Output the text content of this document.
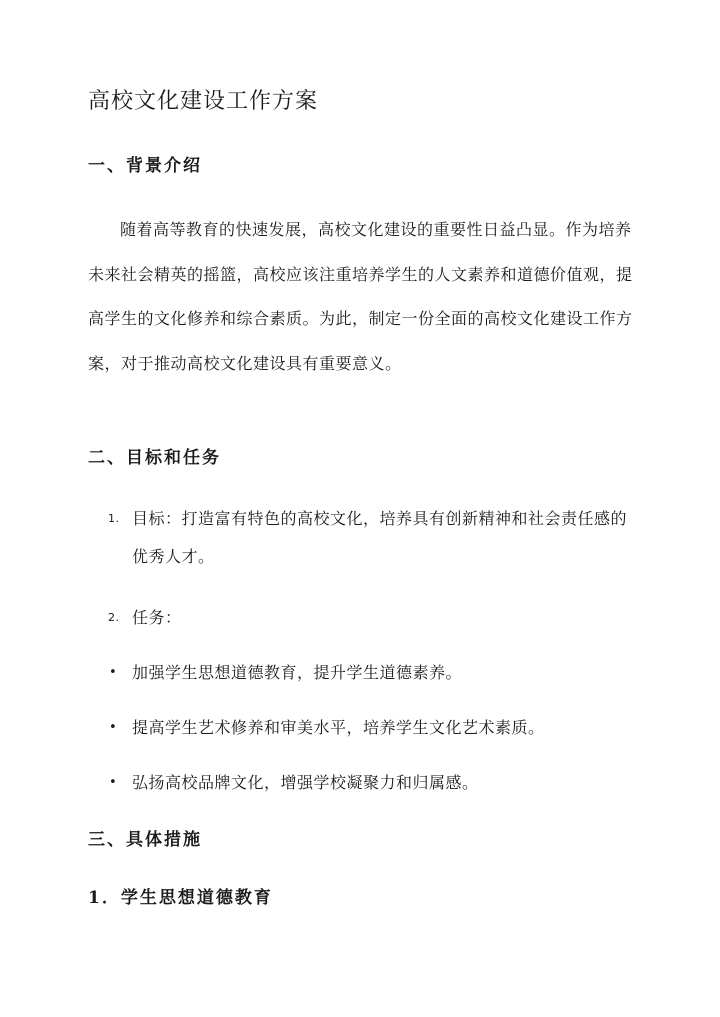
高校文化建设工作方案
一、背景介绍

随着高等教育的快速发展，高校文化建设的重要性日益凸显。作为培养未来社会精英的摇篮，高校应该注重培养学生的人文素养和道德价值观，提高学生的文化修养和综合素质。为此，制定一份全面的高校文化建设工作方案，对于推动高校文化建设具有重要意义。

二、目标和任务
1. 目标：打造富有特色的高校文化，培养具有创新精神和社会责任感的优秀人才。
2. 任务：
• 加强学生思想道德教育，提升学生道德素养。
• 提高学生艺术修养和审美水平，培养学生文化艺术素质。
• 弘扬高校品牌文化，增强学校凝聚力和归属感。
三、具体措施
1．学生思想道德教育
